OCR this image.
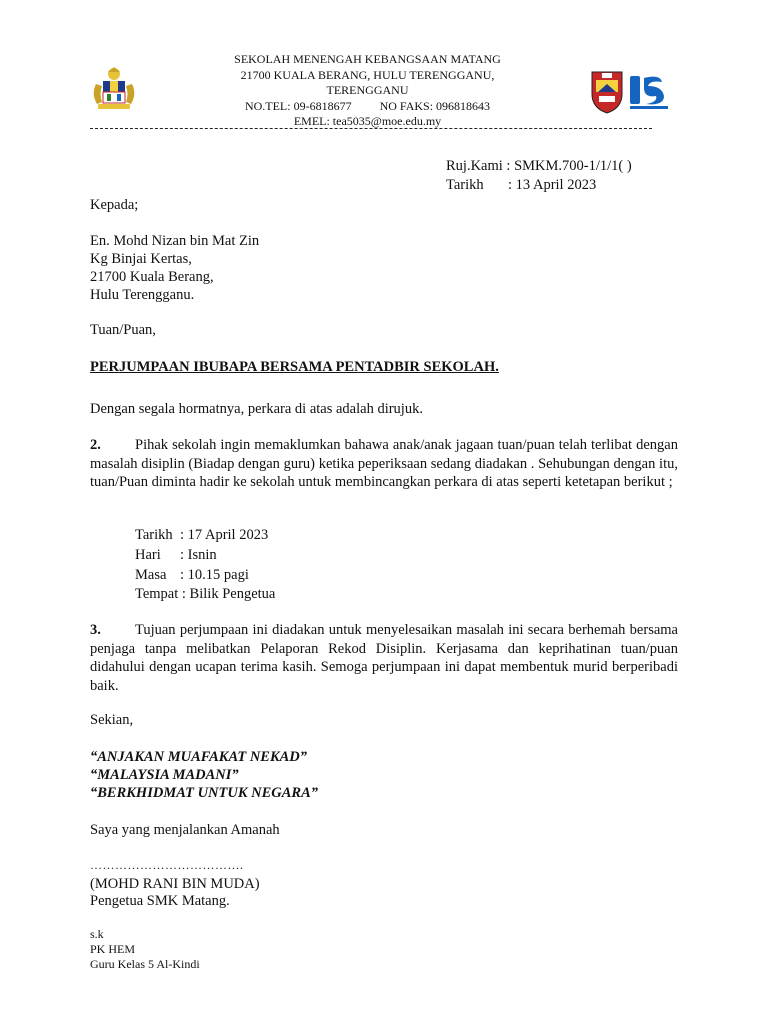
SEKOLAH MENENGAH KEBANGSAAN MATANG
21700 KUALA BERANG, HULU TERENGGANU,
TERENGGANU
NO.TEL: 09-6818677 NO FAKS: 096818643
EMEL: tea5035@moe.edu.my
Ruj.Kami : SMKM.700-1/1/1( )
Tarikh : 13 April 2023
Kepada;
En. Mohd Nizan bin Mat Zin
Kg Binjai Kertas,
21700 Kuala Berang,
Hulu Terengganu.
Tuan/Puan,
PERJUMPAAN IBUBAPA BERSAMA PENTADBIR SEKOLAH.
Dengan segala hormatnya, perkara di atas adalah dirujuk.
2. Pihak sekolah ingin memaklumkan bahawa anak/anak jagaan tuan/puan telah terlibat dengan masalah disiplin (Biadap dengan guru) ketika peperiksaan sedang diadakan . Sehubungan dengan itu, tuan/Puan diminta hadir ke sekolah untuk membincangkan perkara di atas seperti ketetapan berikut ;
Tarikh : 17 April 2023
Hari : Isnin
Masa : 10.15 pagi
Tempat : Bilik Pengetua
3. Tujuan perjumpaan ini diadakan untuk menyelesaikan masalah ini secara berhemah bersama penjaga tanpa melibatkan Pelaporan Rekod Disiplin. Kerjasama dan keprihatinan tuan/puan didahului dengan ucapan terima kasih. Semoga perjumpaan ini dapat membentuk murid berperibadi baik.
Sekian,
“ANJAKAN MUAFAKAT NEKAD”
“MALAYSIA MADANI”
“BERKHIDMAT UNTUK NEGARA”
Saya yang menjalankan Amanah
……………………………….
(MOHD RANI BIN MUDA)
Pengetua SMK Matang.
s.k
PK HEM
Guru Kelas 5 Al-Kindi
